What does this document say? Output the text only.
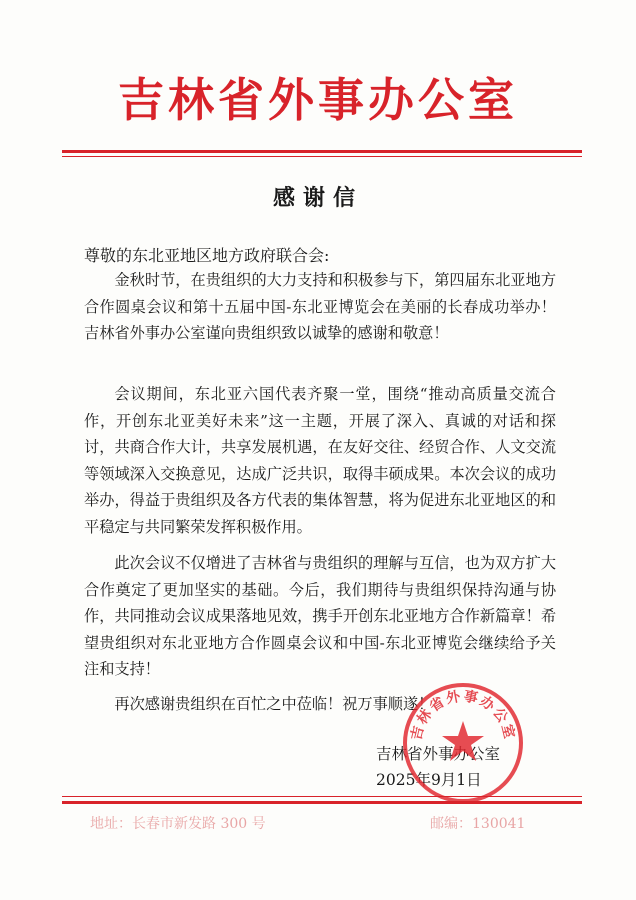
吉林省外事办公室
感谢信
尊敬的东北亚地区地方政府联合会:

金秋时节，在贵组织的大力支持和积极参与下，第四届东北亚地方合作圆桌会议和第十五届中国-东北亚博览会在美丽的长春成功举办！吉林省外事办公室谨向贵组织致以诚挚的感谢和敬意！

会议期间，东北亚六国代表齐聚一堂，围绕“推动高质量交流合作，开创东北亚美好未来”这一主题，开展了深入、真诚的对话和探讨，共商合作大计，共享发展机遇，在友好交往、经贸合作、人文交流等领域深入交换意见，达成广泛共识，取得丰硕成果。本次会议的成功举办，得益于贵组织及各方代表的集体智慧，将为促进东北亚地区的和平稳定与共同繁荣发挥积极作用。

此次会议不仅增进了吉林省与贵组织的理解与互信，也为双方扩大合作奠定了更加坚实的基础。今后，我们期待与贵组织保持沟通与协作，共同推动会议成果落地见效，携手开创东北亚地方合作新篇章！希望贵组织对东北亚地方合作圆桌会议和中国-东北亚博览会继续给予关注和支持！

再次感谢贵组织在百忙之中莅临！祝万事顺遂！

吉林省外事办公室
2025年9月1日
吉林省外事办公室
地址：长春市新发路 300 号	邮编：130041
